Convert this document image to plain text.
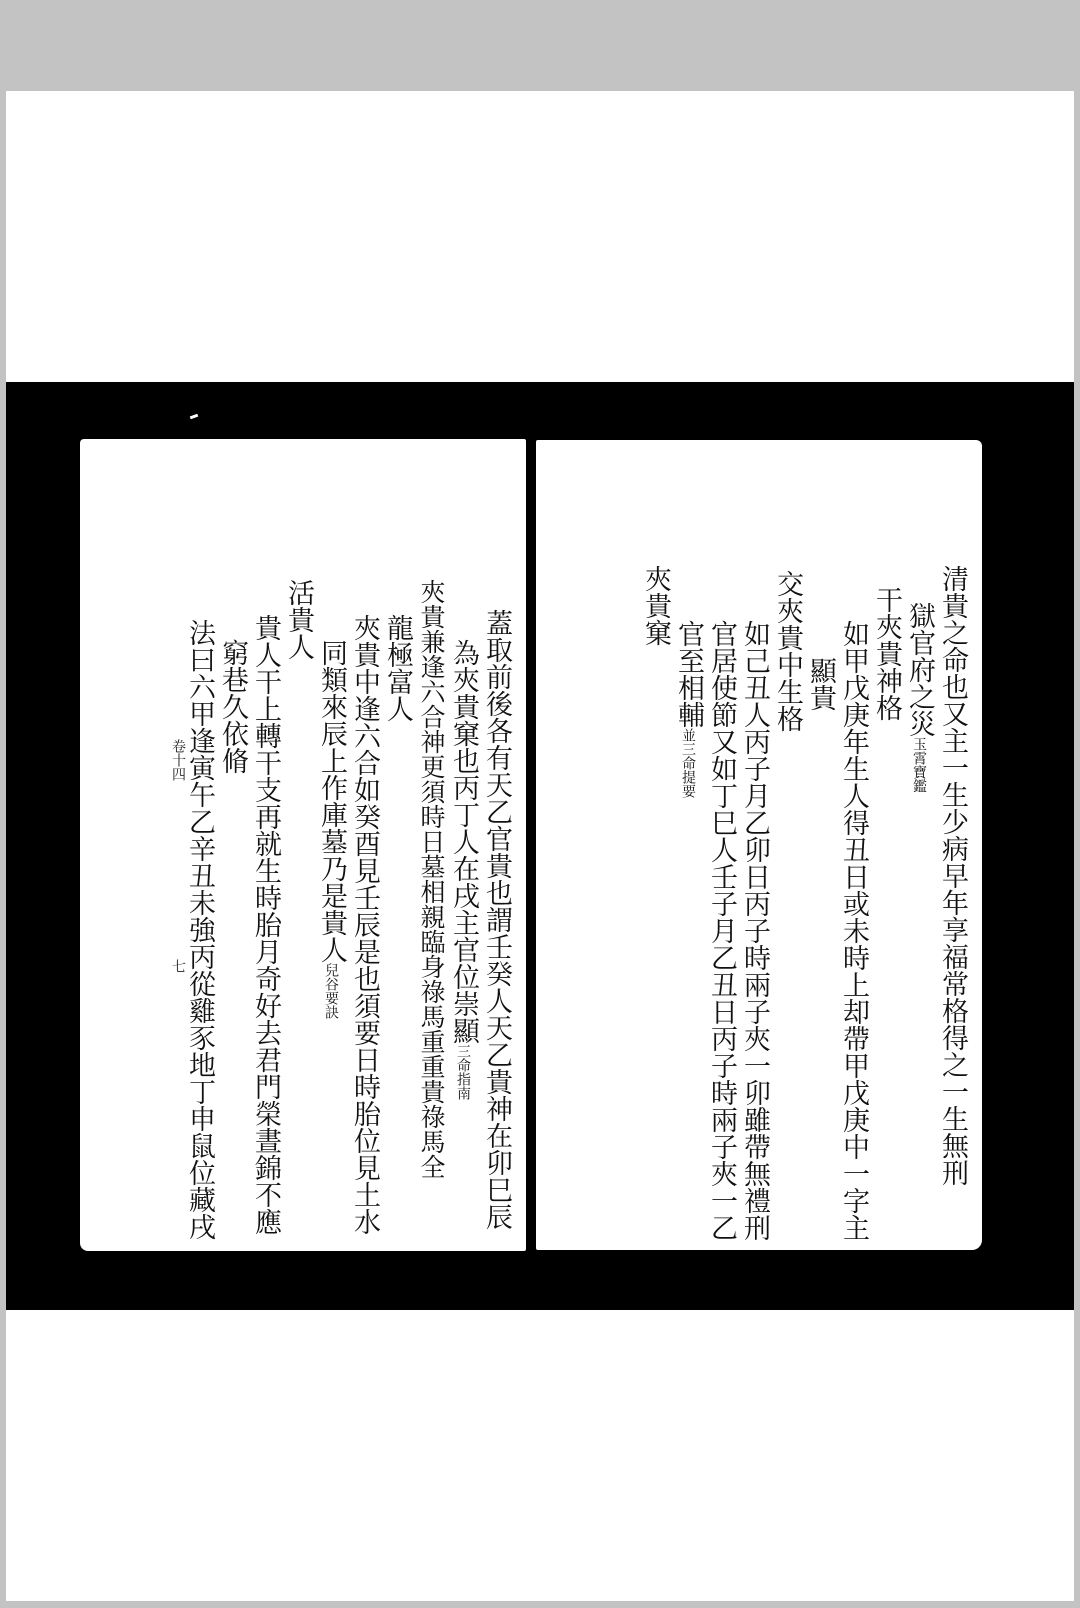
清貴之命也又主一生少病早年享福常格得之一生無刑
獄官府之災玉霄寶鑑
干夾貴神格
如甲戊庚年生人得丑日或未時上却帶甲戊庚中一字主
顯貴
交夾貴中生格
如己丑人丙子月乙卯日丙子時兩子夾一卯雖帶無禮刑
官居使節又如丁巳人壬子月乙丑日丙子時兩子夾一乙
官至相輔並三命提要
夾貴窠
蓋取前後各有天乙官貴也謂壬癸人天乙貴神在卯巳辰
為夾貴窠也丙丁人在戌主官位崇顯三命指南
夾貴兼逢六合神更須時日墓相親臨身祿馬重重貴祿馬全
龍極富人
夾貴中逢六合如癸酉見壬辰是也須要日時胎位見土水
同類來辰上作庫墓乃是貴人兒谷要訣
活貴人
貴人干上轉干支再就生時胎月奇好去君門榮晝錦不應
窮巷久依脩
法曰六甲逢寅午乙辛丑未強丙從雞豕地丁申鼠位藏戌
卷十四
七
